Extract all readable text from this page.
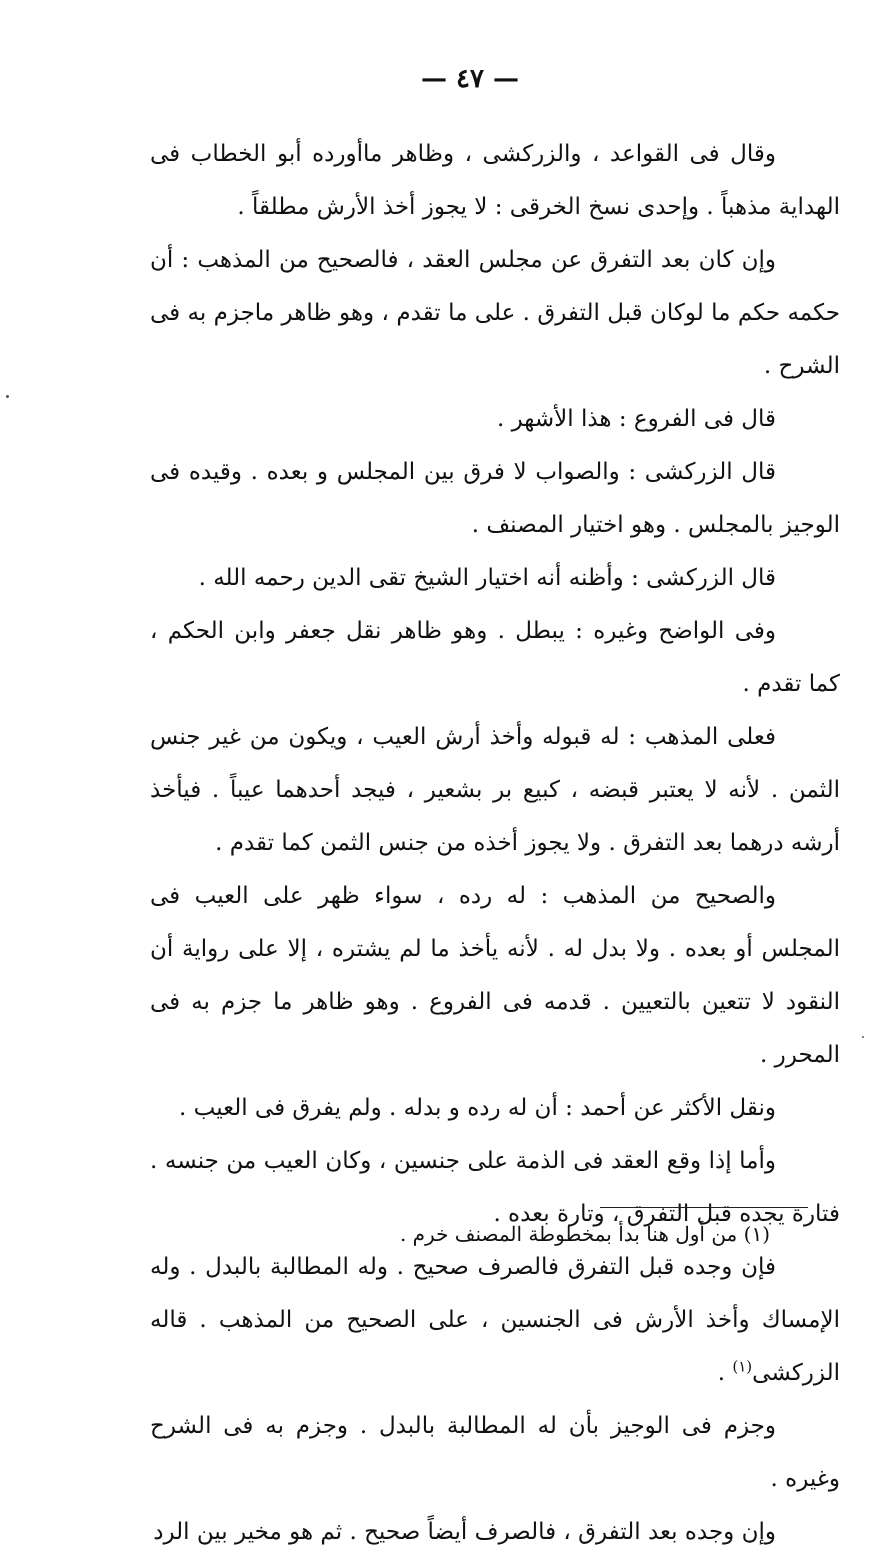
— ٤٧ —

وقال فى القواعد ، والزركشى ، وظاهر ماأورده أبو الخطاب فى الهداية مذهباً . وإحدى نسخ الخرقى : لا يجوز أخذ الأرش مطلقاً .

وإن كان بعد التفرق عن مجلس العقد ، فالصحيح من المذهب : أن حكمه حكم ما لوكان قبل التفرق . على ما تقدم ، وهو ظاهر ماجزم به فى الشرح .

قال فى الفروع : هذا الأشهر .

قال الزركشى : والصواب لا فرق بين المجلس و بعده . وقيده فى الوجيز بالمجلس . وهو اختيار المصنف .

قال الزركشى : وأظنه أنه اختيار الشيخ تقى الدين رحمه الله .

وفى الواضح وغيره : يبطل . وهو ظاهر نقل جعفر وابن الحكم ، كما تقدم .

فعلى المذهب : له قبوله وأخذ أرش العيب ، ويكون من غير جنس الثمن . لأنه لا يعتبر قبضه ، كبيع بر بشعير ، فيجد أحدهما عيباً . فيأخذ أرشه درهما بعد التفرق . ولا يجوز أخذه من جنس الثمن كما تقدم .

والصحيح من المذهب : له رده ، سواء ظهر على العيب فى المجلس أو بعده . ولا بدل له . لأنه يأخذ ما لم يشتره ، إلا على رواية أن النقود لا تتعين بالتعيين . قدمه فى الفروع . وهو ظاهر ما جزم به فى المحرر .

ونقل الأكثر عن أحمد : أن له رده و بدله . ولم يفرق فى العيب .

وأما إذا وقع العقد فى الذمة على جنسين ، وكان العيب من جنسه . فتارة يجده قبل التفرق ، وتارة بعده .

فإن وجده قبل التفرق فالصرف صحيح . وله المطالبة بالبدل . وله الإمساك وأخذ الأرش فى الجنسين ، على الصحيح من المذهب . قاله الزركشى$^{(١)}$ .

وجزم فى الوجيز بأن له المطالبة بالبدل . وجزم به فى الشرح وغيره .

وإن وجده بعد التفرق ، فالصرف أيضاً صحيح . ثم هو مخير بين الرد

(١) من أول هنا بدأ بمخطوطة المصنف خرم .
